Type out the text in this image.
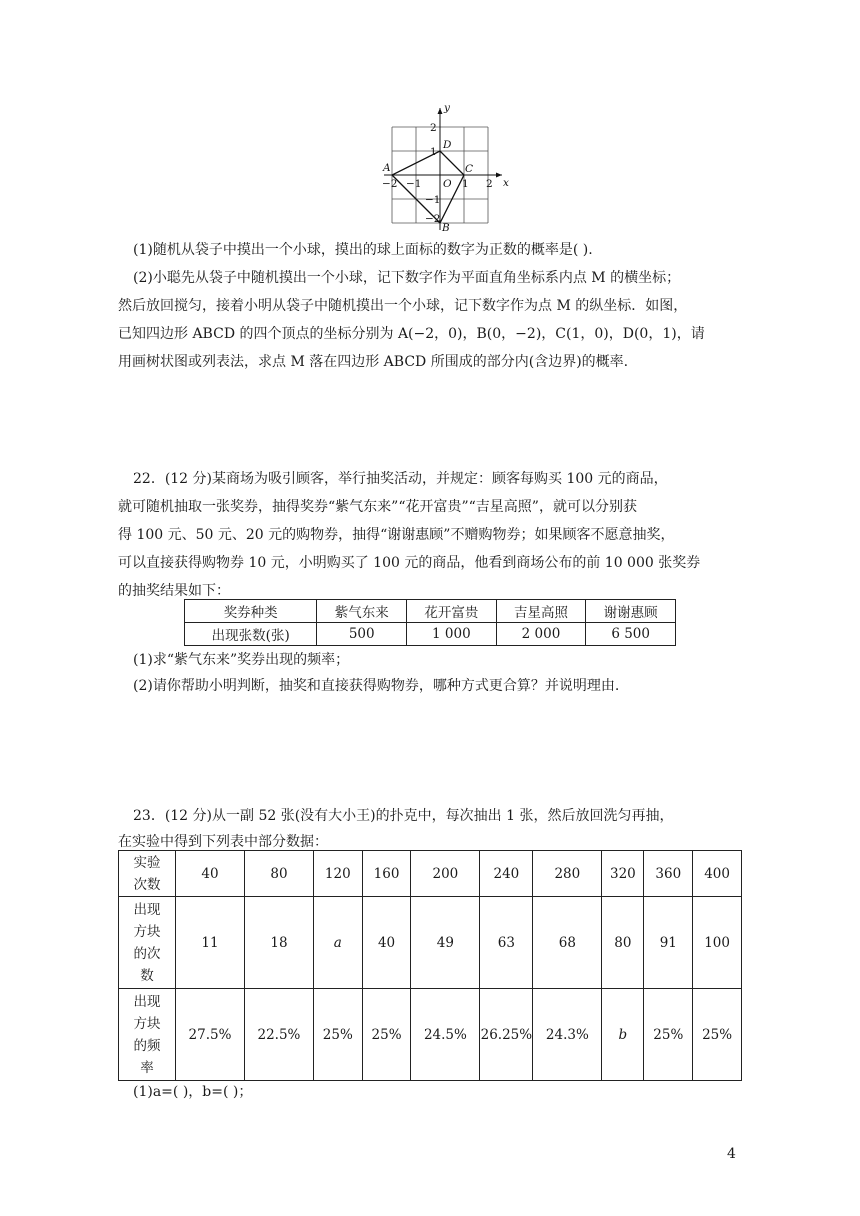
y
x
O
−2 −1	1 2
2
1
−1
−2
A
B
C
D
(1)随机从袋子中摸出一个小球，摸出的球上面标的数字为正数的概率是( ).
(2)小聪先从袋子中随机摸出一个小球，记下数字作为平面直角坐标系内点 M 的横坐标；
然后放回搅匀，接着小明从袋子中随机摸出一个小球，记下数字作为点 M 的纵坐标．如图，
已知四边形 ABCD 的四个顶点的坐标分别为 A(−2，0)，B(0，−2)，C(1，0)，D(0，1)，请
用画树状图或列表法，求点 M 落在四边形 ABCD 所围成的部分内(含边界)的概率.
22．(12 分)某商场为吸引顾客，举行抽奖活动，并规定：顾客每购买 100 元的商品，
就可随机抽取一张奖券，抽得奖券“紫气东来”“花开富贵”“吉星高照”，就可以分别获
得 100 元、50 元、20 元的购物券，抽得“谢谢惠顾”不赠购物券；如果顾客不愿意抽奖，
可以直接获得购物券 10 元，小明购买了 100 元的商品，他看到商场公布的前 10 000 张奖券
的抽奖结果如下：
奖券种类	紫气东来	花开富贵	吉星高照	谢谢惠顾
出现张数(张)	500	1 000	2 000	6 500
(1)求“紫气东来”奖券出现的频率；
(2)请你帮助小明判断，抽奖和直接获得购物券，哪种方式更合算？并说明理由.
23．(12 分)从一副 52 张(没有大小王)的扑克中，每次抽出 1 张，然后放回洗匀再抽，
在实验中得到下列表中部分数据：
实验
次数	40	80	120	160	200	240	280	320	360	400

出现
方块
的次
数	11	18	a	40	49	63	68	80	91	100

出现
方块
的频
率	27.5%	22.5%	25%	25%	24.5%	26.25%	24.3%	b	25%	25%
(1)a=( )，b=( )；
4
